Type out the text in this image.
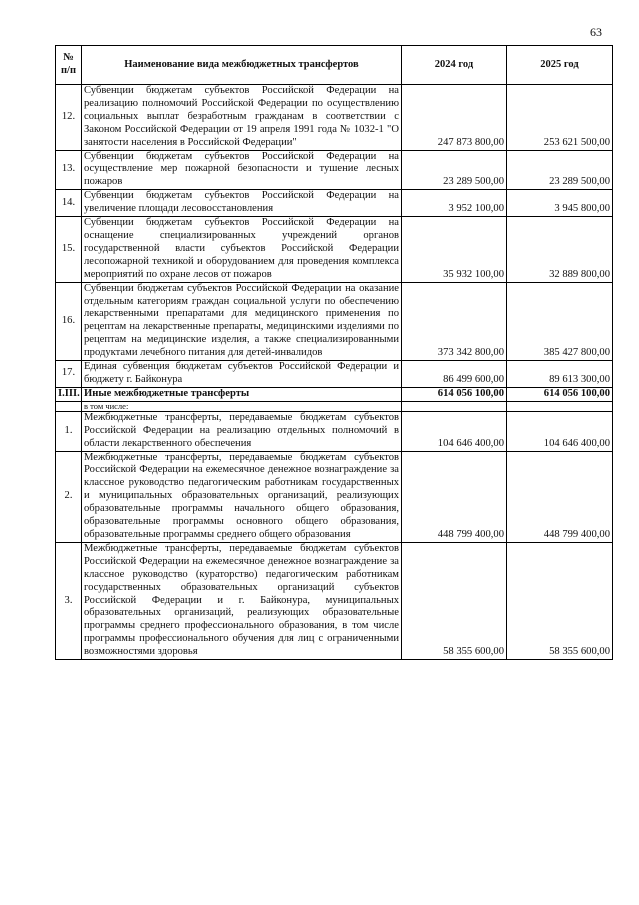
63
№ п/п	Наименование вида межбюджетных трансфертов	2024 год	2025 год
12.	Субвенции бюджетам субъектов Российской Федерации на реализацию полномочий Российской Федерации по осуществлению социальных выплат безработным гражданам в соответствии с Законом Российской Федерации от 19 апреля 1991 года № 1032-1 "О занятости населения в Российской Федерации"	247 873 800,00	253 621 500,00
13.	Субвенции бюджетам субъектов Российской Федерации на осуществление мер пожарной безопасности и тушение лесных пожаров	23 289 500,00	23 289 500,00
14.	Субвенции бюджетам субъектов Российской Федерации на увеличение площади лесовосстановления	3 952 100,00	3 945 800,00
15.	Субвенции бюджетам субъектов Российской Федерации на оснащение специализированных учреждений органов государственной власти субъектов Российской Федерации лесопожарной техникой и оборудованием для проведения комплекса мероприятий по охране лесов от пожаров	35 932 100,00	32 889 800,00
16.	Субвенции бюджетам субъектов Российской Федерации на оказание отдельным категориям граждан социальной услуги по обеспечению лекарственными препаратами для медицинского применения по рецептам на лекарственные препараты, медицинскими изделиями по рецептам на медицинские изделия, а также специализированными продуктами лечебного питания для детей-инвалидов	373 342 800,00	385 427 800,00
17.	Единая субвенция бюджетам субъектов Российской Федерации и бюджету г. Байконура	86 499 600,00	89 613 300,00
I.III.	Иные межбюджетные трансферты	614 056 100,00	614 056 100,00
	в том числе:		
1.	Межбюджетные трансферты, передаваемые бюджетам субъектов Российской Федерации на реализацию отдельных полномочий в области лекарственного обеспечения	104 646 400,00	104 646 400,00
2.	Межбюджетные трансферты, передаваемые бюджетам субъектов Российской Федерации на ежемесячное денежное вознаграждение за классное руководство педагогическим работникам государственных и муниципальных образовательных организаций, реализующих образовательные программы начального общего образования, образовательные программы основного общего образования, образовательные программы среднего общего образования	448 799 400,00	448 799 400,00
3.	Межбюджетные трансферты, передаваемые бюджетам субъектов Российской Федерации на ежемесячное денежное вознаграждение за классное руководство (кураторство) педагогическим работникам государственных образовательных организаций субъектов Российской Федерации и г. Байконура, муниципальных образовательных организаций, реализующих образовательные программы среднего профессионального образования, в том числе программы профессионального обучения для лиц с ограниченными возможностями здоровья	58 355 600,00	58 355 600,00
